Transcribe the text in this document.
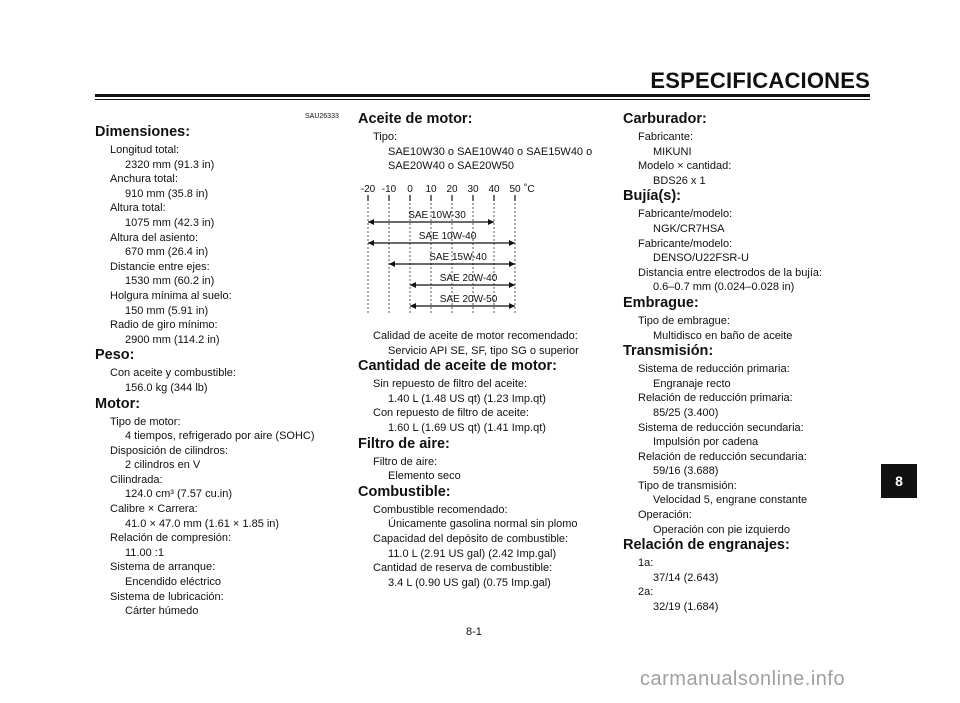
ESPECIFICACIONES
SAU26333
Dimensiones:
Longitud total:
2320 mm (91.3 in)
Anchura total:
910 mm (35.8 in)
Altura total:
1075 mm (42.3 in)
Altura del asiento:
670 mm (26.4 in)
Distancie entre ejes:
1530 mm (60.2 in)
Holgura mínima al suelo:
150 mm (5.91 in)
Radio de giro mínimo:
2900 mm (114.2 in)
Peso:
Con aceite y combustible:
156.0 kg (344 lb)
Motor:
Tipo de motor:
4 tiempos, refrigerado por aire (SOHC)
Disposición de cilindros:
2 cilindros en V
Cilindrada:
124.0 cm³ (7.57 cu.in)
Calibre × Carrera:
41.0 × 47.0 mm (1.61 × 1.85 in)
Relación de compresión:
11.00 :1
Sistema de arranque:
Encendido eléctrico
Sistema de lubricación:
Cárter húmedo
Aceite de motor:
Tipo:
SAE10W30 o SAE10W40 o SAE15W40 o
SAE20W40 o SAE20W50
-20 -10 0 10 20 30 40 50 ˚C
SAE 10W-30
SAE 10W-40
SAE 15W-40
SAE 20W-40
SAE 20W-50
Calidad de aceite de motor recomendado:
Servicio API SE, SF, tipo SG o superior
Cantidad de aceite de motor:
Sin repuesto de filtro del aceite:
1.40 L (1.48 US qt) (1.23 Imp.qt)
Con repuesto de filtro de aceite:
1.60 L (1.69 US qt) (1.41 Imp.qt)
Filtro de aire:
Filtro de aire:
Elemento seco
Combustible:
Combustible recomendado:
Únicamente gasolina normal sin plomo
Capacidad del depósito de combustible:
11.0 L (2.91 US gal) (2.42 Imp.gal)
Cantidad de reserva de combustible:
3.4 L (0.90 US gal) (0.75 Imp.gal)
Carburador:
Fabricante:
MIKUNI
Modelo × cantidad:
BDS26 x 1
Bujía(s):
Fabricante/modelo:
NGK/CR7HSA
Fabricante/modelo:
DENSO/U22FSR-U
Distancia entre electrodos de la bujía:
0.6–0.7 mm (0.024–0.028 in)
Embrague:
Tipo de embrague:
Multidisco en baño de aceite
Transmisión:
Sistema de reducción primaria:
Engranaje recto
Relación de reducción primaria:
85/25 (3.400)
Sistema de reducción secundaria:
Impulsión por cadena
Relación de reducción secundaria:
59/16 (3.688)
Tipo de transmisión:
Velocidad 5, engrane constante
Operación:
Operación con pie izquierdo
Relación de engranajes:
1a:
37/14 (2.643)
2a:
32/19 (1.684)
8
8-1
carmanualsonline.info
